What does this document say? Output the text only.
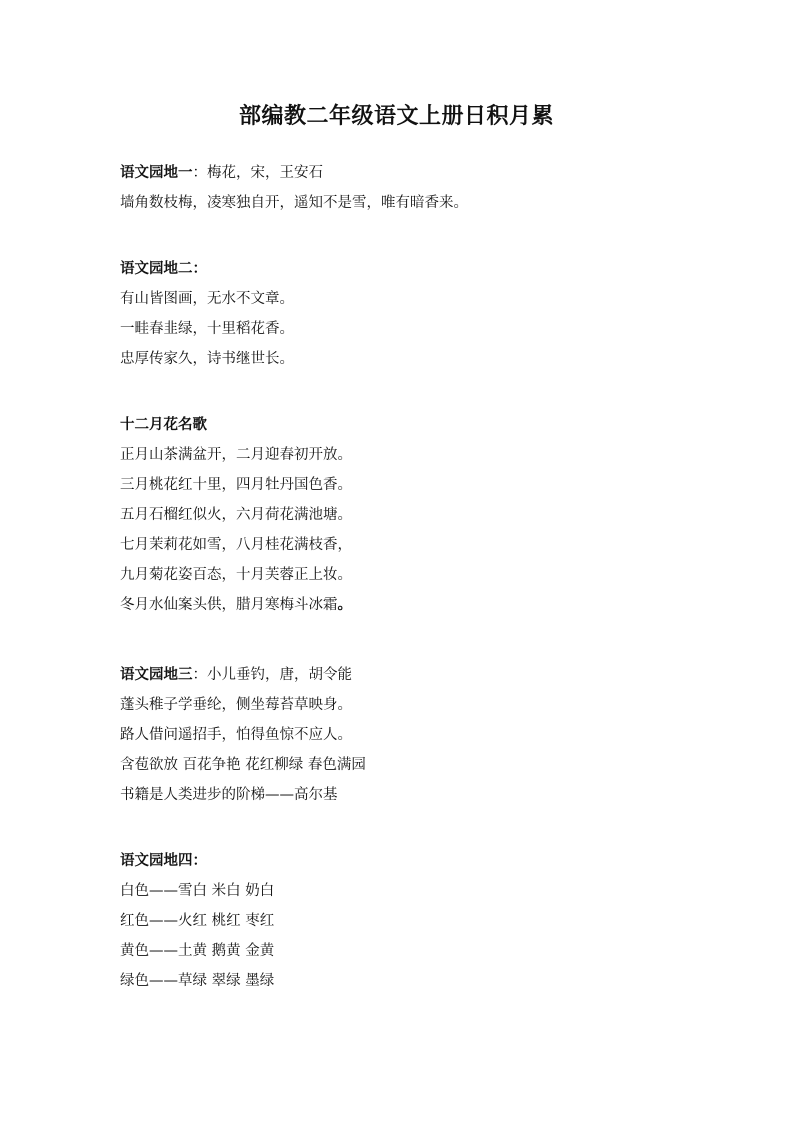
部编教二年级语文上册日积月累
语文园地一：梅花，宋，王安石
墙角数枝梅，凌寒独自开，遥知不是雪，唯有暗香来。
语文园地二：
有山皆图画，无水不文章。
一畦春韭绿，十里稻花香。
忠厚传家久，诗书继世长。
十二月花名歌
正月山茶满盆开，二月迎春初开放。
三月桃花红十里，四月牡丹国色香。
五月石榴红似火，六月荷花满池塘。
七月茉莉花如雪，八月桂花满枝香，
九月菊花姿百态，十月芙蓉正上妆。
冬月水仙案头供，腊月寒梅斗冰霜。
语文园地三：小儿垂钓，唐，胡令能
蓬头稚子学垂纶，侧坐莓苔草映身。
路人借问遥招手，怕得鱼惊不应人。
含苞欲放 百花争艳 花红柳绿 春色满园
书籍是人类进步的阶梯——高尔基
语文园地四：
白色——雪白 米白 奶白
红色——火红 桃红 枣红
黄色——土黄 鹅黄 金黄
绿色——草绿 翠绿 墨绿
